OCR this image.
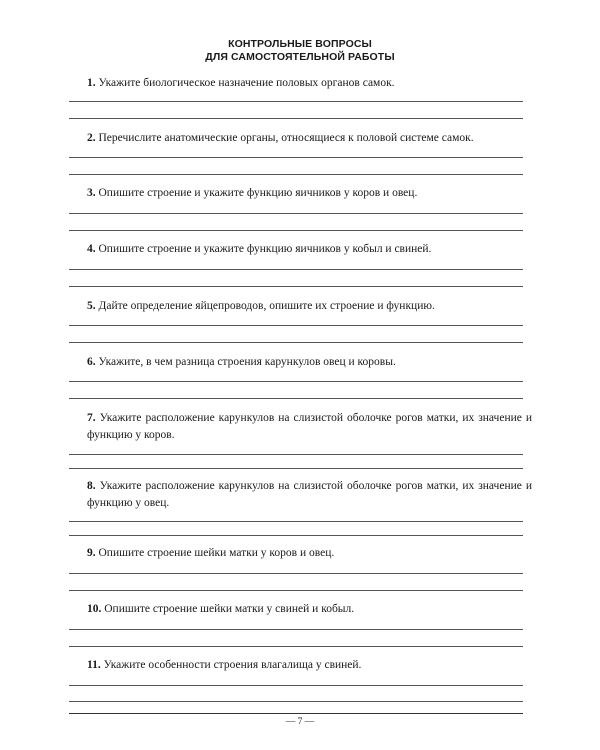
КОНТРОЛЬНЫЕ ВОПРОСЫ
ДЛЯ САМОСТОЯТЕЛЬНОЙ РАБОТЫ
1. Укажите биологическое назначение половых органов самок.
2. Перечислите анатомические органы, относящиеся к половой системе самок.
3. Опишите строение и укажите функцию яичников у коров и овец.
4. Опишите строение и укажите функцию яичников у кобыл и свиней.
5. Дайте определение яйцепроводов, опишите их строение и функцию.
6. Укажите, в чем разница строения карункулов овец и коровы.
7. Укажите расположение карункулов на слизистой оболочке рогов матки, их значение и функцию у коров.
8. Укажите расположение карункулов на слизистой оболочке рогов матки, их значение и функцию у овец.
9. Опишите строение шейки матки у коров и овец.
10. Опишите строение шейки матки у свиней и кобыл.
11. Укажите особенности строения влагалища у свиней.
— 7 —
